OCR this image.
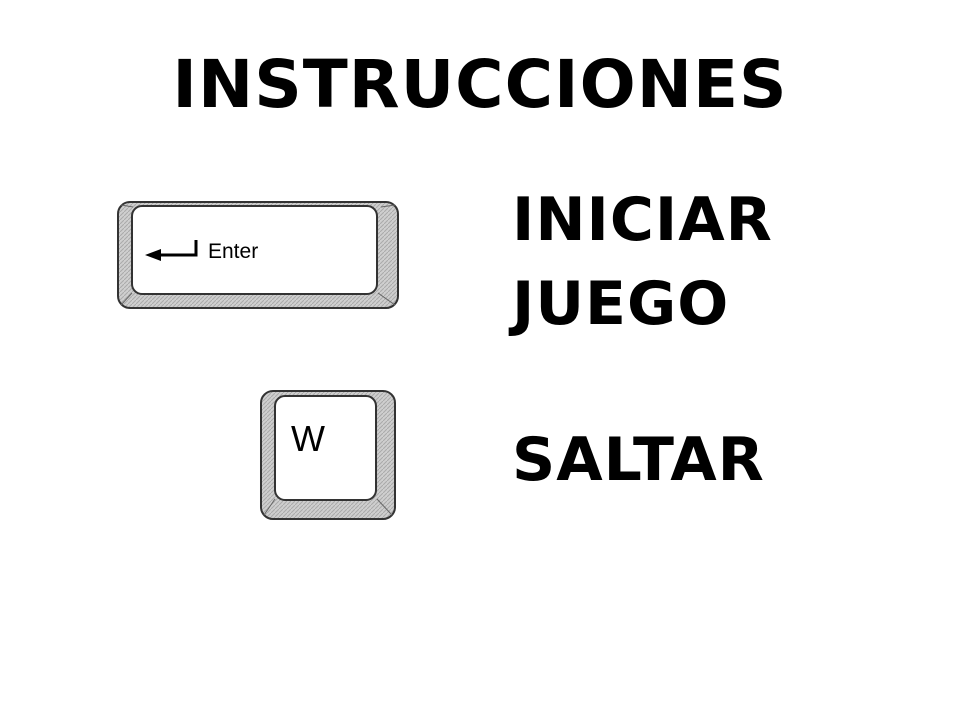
INSTRUCCIONES
Enter
W
INICIAR
JUEGO
SALTAR
